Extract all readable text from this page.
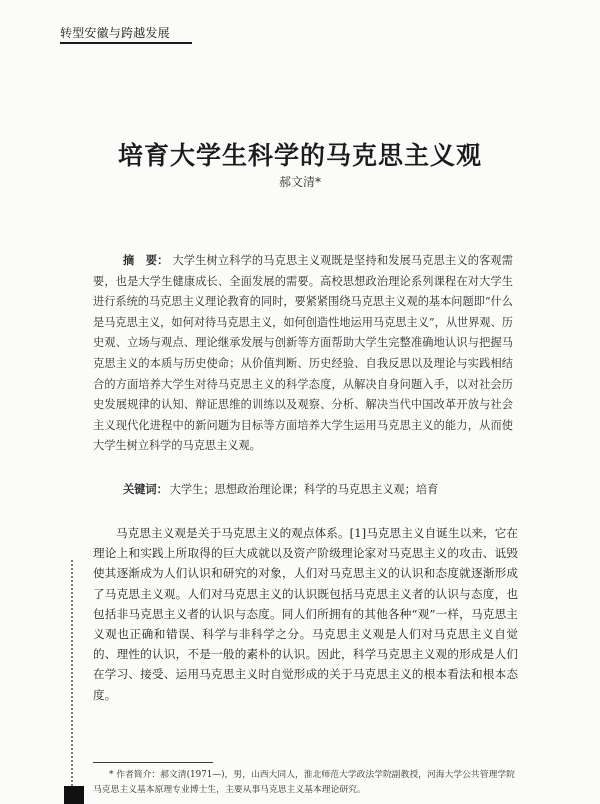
转型安徽与跨越发展
培育大学生科学的马克思主义观
郝文清*
摘　要： 大学生树立科学的马克思主义观既是坚持和发展马克思主义的客观需要，也是大学生健康成长、全面发展的需要。高校思想政治理论系列课程在对大学生进行系统的马克思主义理论教育的同时，要紧紧围绕马克思主义观的基本问题即“什么是马克思主义，如何对待马克思主义，如何创造性地运用马克思主义”，从世界观、历史观、立场与观点、理论继承发展与创新等方面帮助大学生完整准确地认识与把握马克思主义的本质与历史使命；从价值判断、历史经验、自我反思以及理论与实践相结合的方面培养大学生对待马克思主义的科学态度，从解决自身问题入手，以对社会历史发展规律的认知、辩证思维的训练以及观察、分析、解决当代中国改革开放与社会主义现代化进程中的新问题为目标等方面培养大学生运用马克思主义的能力，从而使大学生树立科学的马克思主义观。
关键词： 大学生；思想政治理论课；科学的马克思主义观；培育
马克思主义观是关于马克思主义的观点体系。[1]马克思主义自诞生以来，它在理论上和实践上所取得的巨大成就以及资产阶级理论家对马克思主义的攻击、诋毁使其逐渐成为人们认识和研究的对象，人们对马克思主义的认识和态度就逐渐形成了马克思主义观。人们对马克思主义的认识既包括马克思主义者的认识与态度，也包括非马克思主义者的认识与态度。同人们所拥有的其他各种“观”一样，马克思主义观也正确和错误、科学与非科学之分。马克思主义观是人们对马克思主义自觉的、理性的认识，不是一般的素朴的认识。因此，科学马克思主义观的形成是人们在学习、接受、运用马克思主义时自觉形成的关于马克思主义的根本看法和根本态度。
* 作者简介：郝文清(1971—)，男，山西大同人，淮北师范大学政法学院副教授，河海大学公共管理学院马克思主义基本原理专业博士生，主要从事马克思主义基本理论研究。
